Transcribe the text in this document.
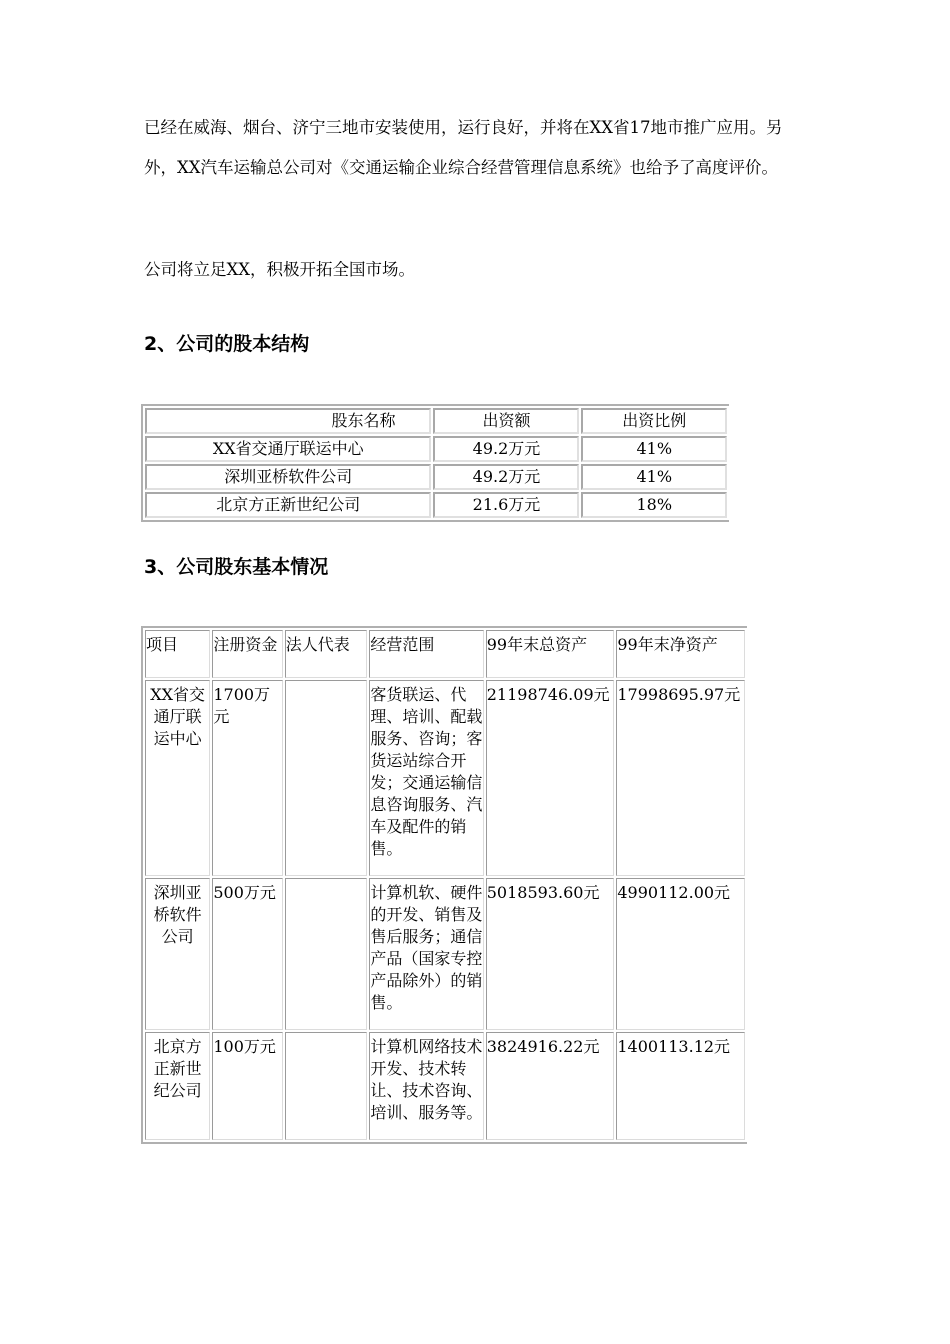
已经在威海、烟台、济宁三地市安装使用，运行良好，并将在XX省17地市推广应用。另外，XX汽车运输总公司对《交通运输企业综合经营管理信息系统》也给予了高度评价。

公司将立足XX，积极开拓全国市场。

2、公司的股本结构
股东名称	出资额	出资比例
XX省交通厅联运中心	49.2万元	41%
深圳亚桥软件公司	49.2万元	41%
北京方正新世纪公司	21.6万元	18%
3、公司股东基本情况
项目	注册资金	法人代表	经营范围	99年末总资产	99年末净资产
XX省交通厅联运中心	1700万元		客货联运、代理、培训、配载服务、咨询；客货运站综合开发；交通运输信息咨询服务、汽车及配件的销售。	21198746.09元	17998695.97元
深圳亚桥软件公司	500万元		计算机软、硬件的开发、销售及售后服务；通信产品（国家专控产品除外）的销售。	5018593.60元	4990112.00元
北京方正新世纪公司	100万元		计算机网络技术开发、技术转让、技术咨询、培训、服务等。	3824916.22元	1400113.12元
